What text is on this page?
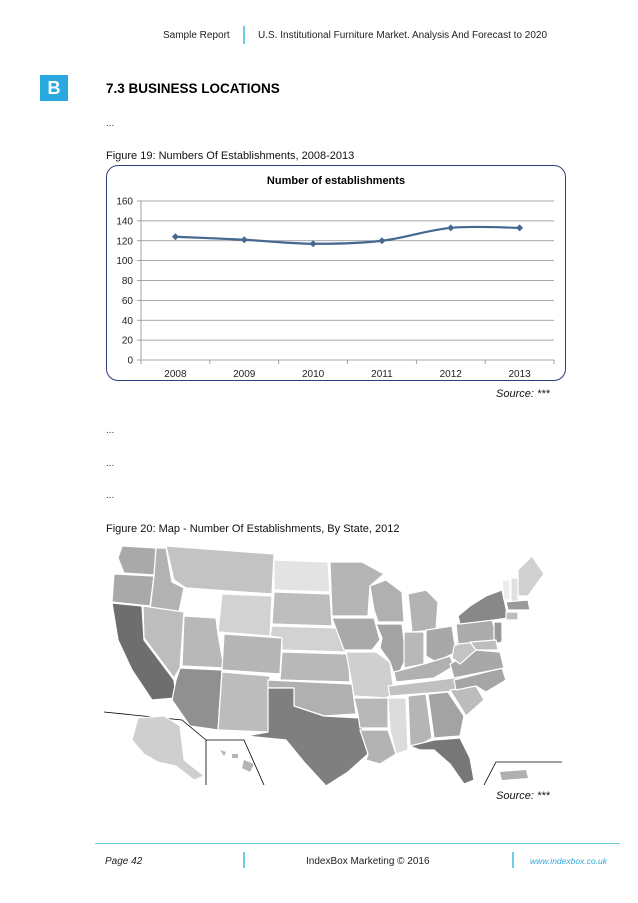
Sample Report	U.S. Institutional Furniture Market. Analysis And Forecast to 2020
B	7.3 BUSINESS LOCATIONS
...
Figure 19: Numbers Of Establishments, 2008-2013
Number of establishments
0
20
40
60
80
100
120
140
160
2008	2009	2010	2011	2012	2013
Source: ***
...
...
...
Figure 20: Map - Number Of Establishments, By State, 2012
Source: ***
Page 42	IndexBox Marketing © 2016	www.indexbox.co.uk
